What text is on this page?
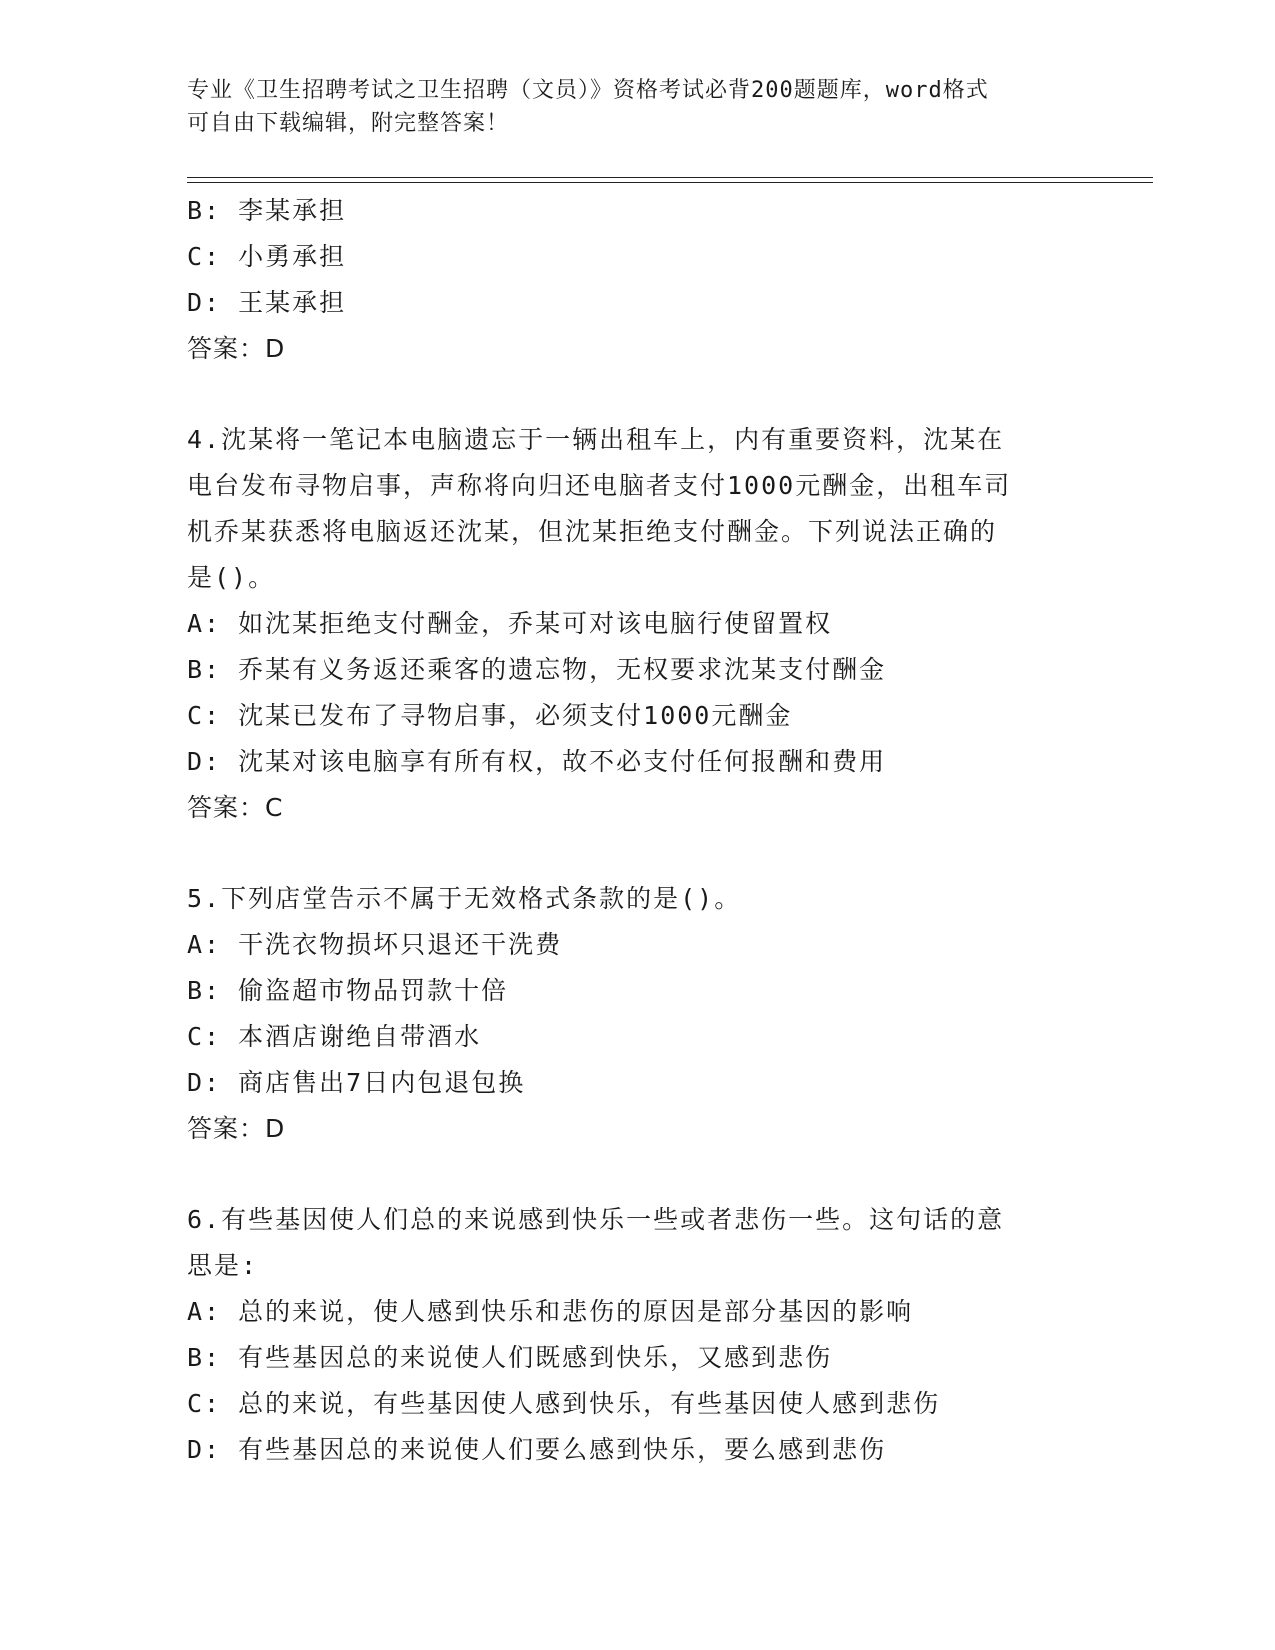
专业《卫生招聘考试之卫生招聘（文员）》资格考试必背200题题库，word格式
可自由下载编辑，附完整答案！
B: 李某承担
C: 小勇承担
D: 王某承担
答案：D
4.沈某将一笔记本电脑遗忘于一辆出租车上，内有重要资料，沈某在
电台发布寻物启事，声称将向归还电脑者支付1000元酬金，出租车司
机乔某获悉将电脑返还沈某，但沈某拒绝支付酬金。下列说法正确的
是()。
A: 如沈某拒绝支付酬金，乔某可对该电脑行使留置权
B: 乔某有义务返还乘客的遗忘物，无权要求沈某支付酬金
C: 沈某已发布了寻物启事，必须支付1000元酬金
D: 沈某对该电脑享有所有权，故不必支付任何报酬和费用
答案：C
5.下列店堂告示不属于无效格式条款的是()。
A: 干洗衣物损坏只退还干洗费
B: 偷盗超市物品罚款十倍
C: 本酒店谢绝自带酒水
D: 商店售出7日内包退包换
答案：D
6.有些基因使人们总的来说感到快乐一些或者悲伤一些。这句话的意
思是:
A: 总的来说，使人感到快乐和悲伤的原因是部分基因的影响
B: 有些基因总的来说使人们既感到快乐，又感到悲伤
C: 总的来说，有些基因使人感到快乐，有些基因使人感到悲伤
D: 有些基因总的来说使人们要么感到快乐，要么感到悲伤
